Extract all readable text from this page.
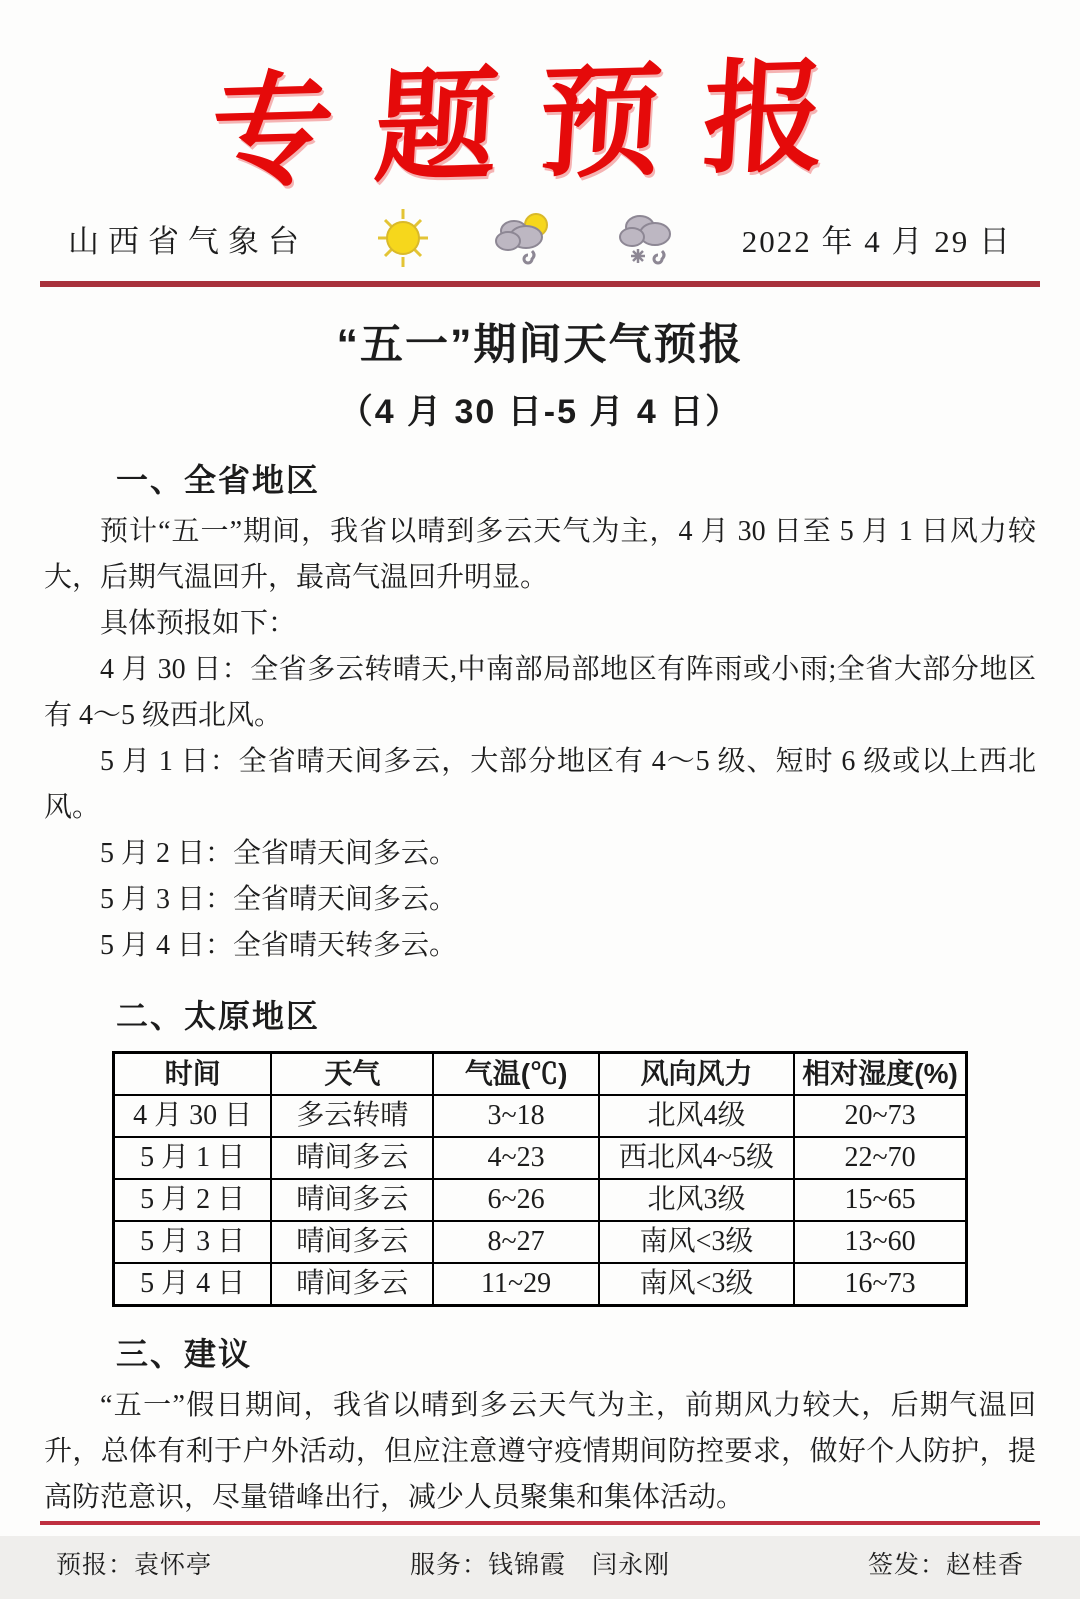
专题预报
山西省气象台	2022 年 4 月 29 日
“五一”期间天气预报
（4 月 30 日-5 月 4 日）
一、全省地区

预计“五一”期间，我省以晴到多云天气为主，4 月 30 日至 5 月 1 日风力较大，后期气温回升，最高气温回升明显。

具体预报如下：

4 月 30 日：全省多云转晴天,中南部局部地区有阵雨或小雨;全省大部分地区有 4～5 级西北风。

5 月 1 日：全省晴天间多云，大部分地区有 4～5 级、短时 6 级或以上西北风。

5 月 2 日：全省晴天间多云。

5 月 3 日：全省晴天间多云。

5 月 4 日：全省晴天转多云。

二、太原地区
时间	天气	气温(℃)	风向风力	相对湿度(%)
4 月 30 日	多云转晴	3~18	北风4级	20~73
5 月 1 日	晴间多云	4~23	西北风4~5级	22~70
5 月 2 日	晴间多云	6~26	北风3级	15~65
5 月 3 日	晴间多云	8~27	南风<3级	13~60
5 月 4 日	晴间多云	11~29	南风<3级	16~73
三、建议

“五一”假日期间，我省以晴到多云天气为主，前期风力较大，后期气温回升，总体有利于户外活动，但应注意遵守疫情期间防控要求，做好个人防护，提高防范意识，尽量错峰出行，减少人员聚集和集体活动。

预报：袁怀亭	服务：钱锦霞　闫永刚	签发：赵桂香
